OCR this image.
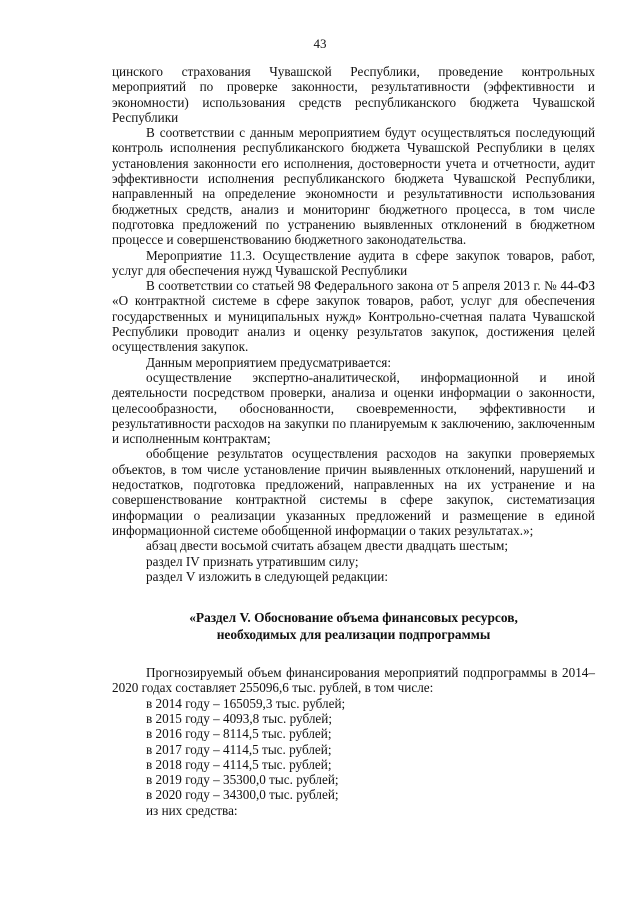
43

цинского страхования Чувашской Республики, проведение контрольных мероприятий по проверке законности, результативности (эффективности и экономности) использования средств республиканского бюджета Чувашской Республики

В соответствии с данным мероприятием будут осуществляться последующий контроль исполнения республиканского бюджета Чувашской Республики в целях установления законности его исполнения, достоверности учета и отчетности, аудит эффективности исполнения республиканского бюджета Чувашской Республики, направленный на определение экономности и результативности использования бюджетных средств, анализ и мониторинг бюджетного процесса, в том числе подготовка предложений по устранению выявленных отклонений в бюджетном процессе и совершенствованию бюджетного законодательства.

Мероприятие 11.3. Осуществление аудита в сфере закупок товаров, работ, услуг для обеспечения нужд Чувашской Республики

В соответствии со статьей 98 Федерального закона от 5 апреля 2013 г. № 44-ФЗ «О контрактной системе в сфере закупок товаров, работ, услуг для обеспечения государственных и муниципальных нужд» Контрольно-счетная палата Чувашской Республики проводит анализ и оценку результатов закупок, достижения целей осуществления закупок.

Данным мероприятием предусматривается:

осуществление экспертно-аналитической, информационной и иной деятельности посредством проверки, анализа и оценки информации о законности, целесообразности, обоснованности, своевременности, эффективности и результативности расходов на закупки по планируемым к заключению, заключенным и исполненным контрактам;

обобщение результатов осуществления расходов на закупки проверяемых объектов, в том числе установление причин выявленных отклонений, нарушений и недостатков, подготовка предложений, направленных на их устранение и на совершенствование контрактной системы в сфере закупок, систематизация информации о реализации указанных предложений и размещение в единой информационной системе обобщенной информации о таких результатах.»;

абзац двести восьмой считать абзацем двести двадцать шестым;

раздел IV признать утратившим силу;

раздел V изложить в следующей редакции:

«Раздел V. Обоснование объема финансовых ресурсов,
необходимых для реализации подпрограммы

Прогнозируемый объем финансирования мероприятий подпрограммы в 2014–2020 годах составляет 255096,6 тыс. рублей, в том числе:

в 2014 году – 165059,3 тыс. рублей;

в 2015 году – 4093,8 тыс. рублей;

в 2016 году – 8114,5 тыс. рублей;

в 2017 году – 4114,5 тыс. рублей;

в 2018 году – 4114,5 тыс. рублей;

в 2019 году – 35300,0 тыс. рублей;

в 2020 году – 34300,0 тыс. рублей;

из них средства:
